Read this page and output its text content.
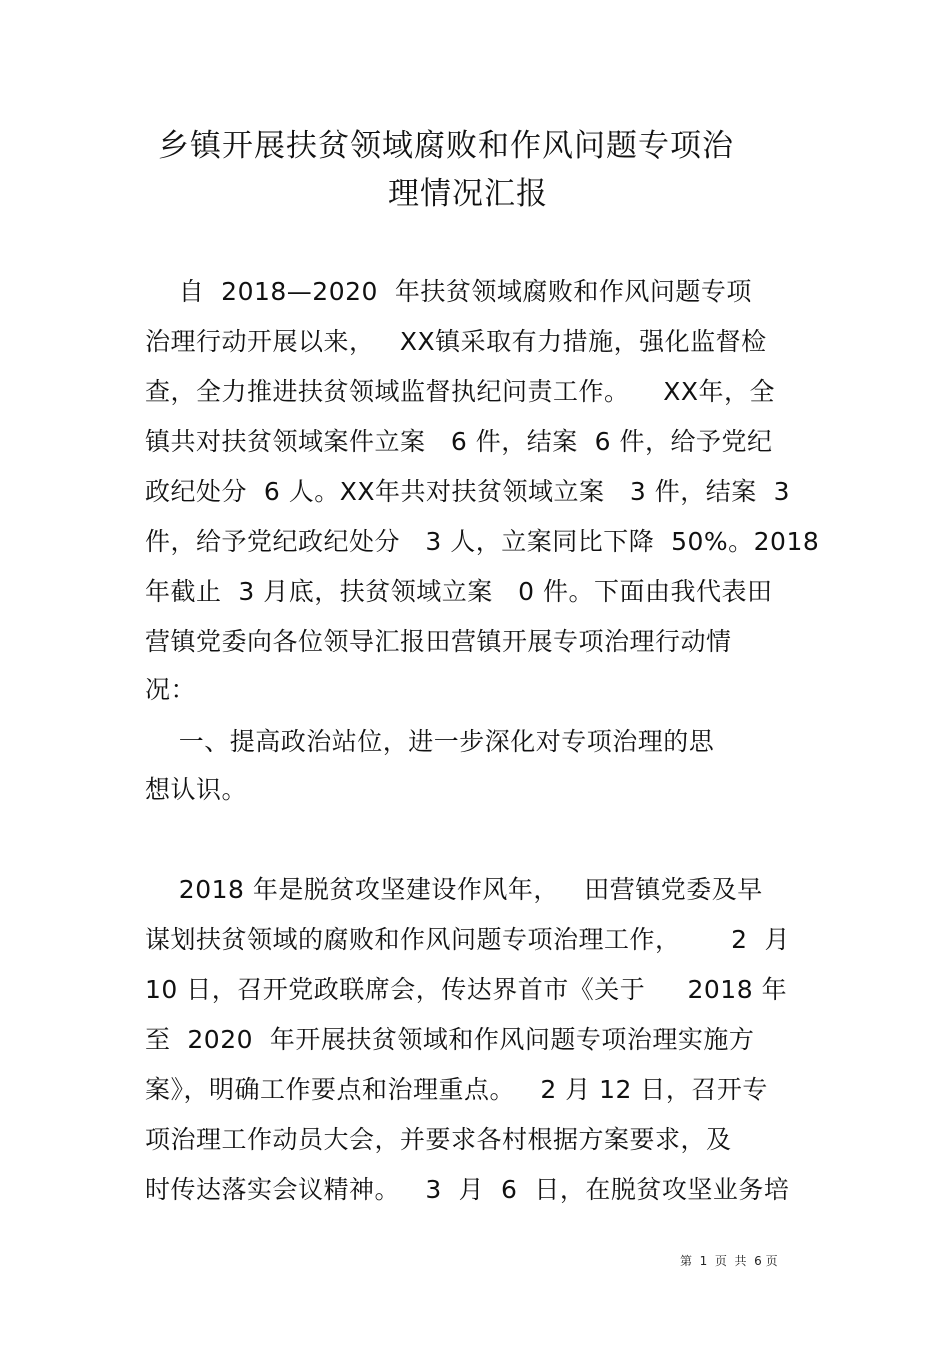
乡镇开展扶贫领域腐败和作风问题专项治
理情况汇报
自  2018—2020  年扶贫领域腐败和作风问题专项
治理行动开展以来，   XX镇采取有力措施，强化监督检
查，全力推进扶贫领域监督执纪问责工作。    XX年，全
镇共对扶贫领域案件立案   6 件，结案  6 件，给予党纪
政纪处分  6 人。XX年共对扶贫领域立案   3 件，结案  3
件，给予党纪政纪处分   3 人，立案同比下降  50%。2018
年截止  3 月底，扶贫领域立案   0 件。下面由我代表田
营镇党委向各位领导汇报田营镇开展专项治理行动情
况：
一、提高政治站位，进一步深化对专项治理的思
想认识。
2018 年是脱贫攻坚建设作风年，   田营镇党委及早
谋划扶贫领域的腐败和作风问题专项治理工作，      2  月
10 日，召开党政联席会，传达界首市《关于     2018 年
至  2020  年开展扶贫领域和作风问题专项治理实施方
案》，明确工作要点和治理重点。   2 月 12 日，召开专
项治理工作动员大会，并要求各村根据方案要求，及
时传达落实会议精神。   3  月  6  日，在脱贫攻坚业务培
第  1  页  共  6 页
